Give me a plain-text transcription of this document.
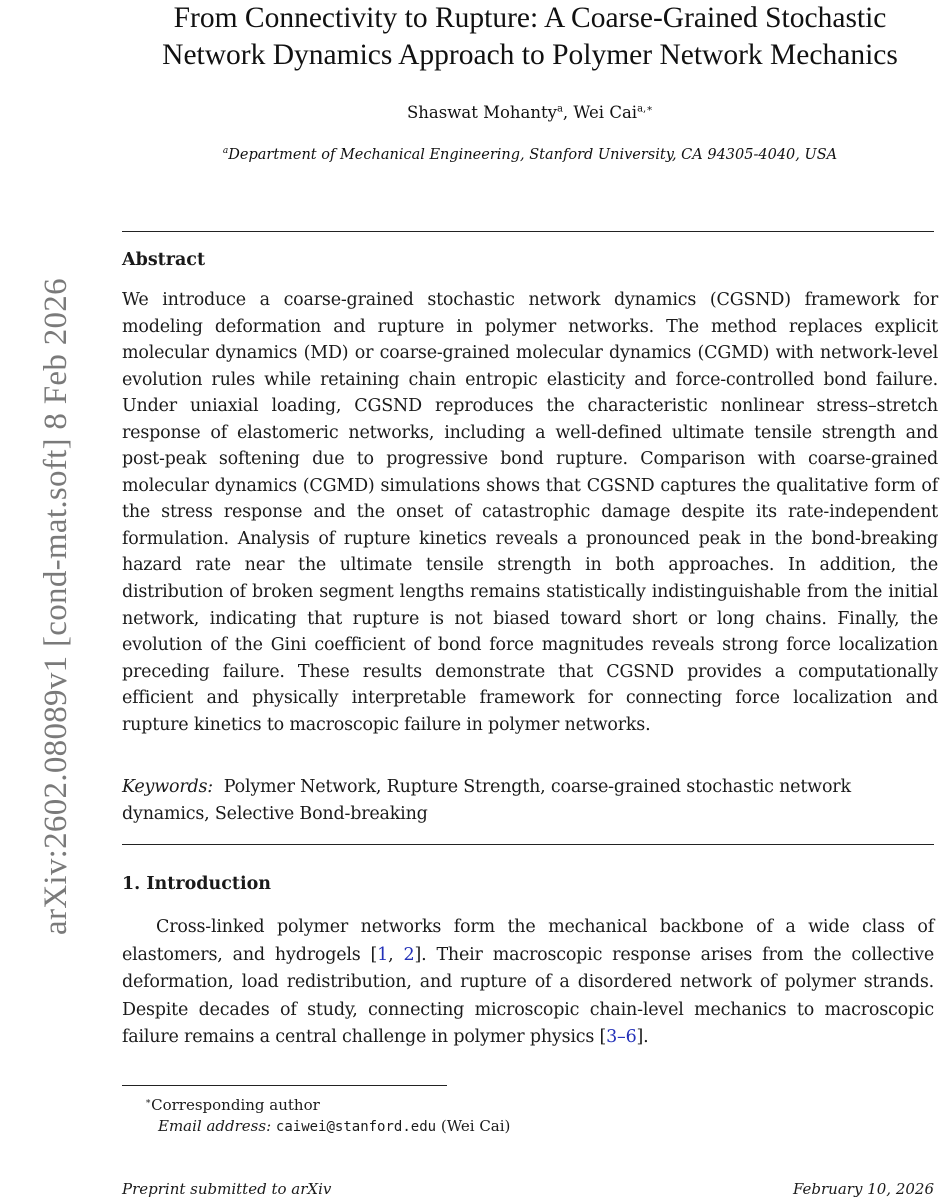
arXiv:2602.08089v1 [cond-mat.soft] 8 Feb 2026
From Connectivity to Rupture: A Coarse-Grained Stochastic
Network Dynamics Approach to Polymer Network Mechanics
Shaswat Mohanty$^a$, Wei Cai$^{a,∗}$
$^a$Department of Mechanical Engineering, Stanford University, CA 94305-4040, USA
Abstract

We introduce a coarse-grained stochastic network dynamics (CGSND) framework for modeling deformation and rupture in polymer networks. The method replaces explicit molecular dynamics (MD) or coarse-grained molecular dynamics (CGMD) with network-level evolution rules while retaining chain entropic elasticity and force-controlled bond failure. Under uniaxial loading, CGSND reproduces the characteristic nonlinear stress–stretch response of elastomeric networks, including a well-defined ultimate tensile strength and post-peak softening due to progressive bond rupture. Comparison with coarse-grained molecular dynamics (CGMD) simulations shows that CGSND captures the qualitative form of the stress response and the onset of catastrophic damage despite its rate-independent formulation. Analysis of rupture kinetics reveals a pronounced peak in the bond-breaking hazard rate near the ultimate tensile strength in both approaches. In addition, the distribution of broken segment lengths remains statistically indistinguishable from the initial network, indicating that rupture is not biased toward short or long chains. Finally, the evolution of the Gini coefficient of bond force magnitudes reveals strong force localization preceding failure. These results demonstrate that CGSND provides a computationally efficient and physically interpretable framework for connecting force localization and rupture kinetics to macroscopic failure in polymer networks.

Keywords: Polymer Network, Rupture Strength, coarse-grained stochastic network dynamics, Selective Bond-breaking

1. Introduction

Cross-linked polymer networks form the mechanical backbone of a wide class of elastomers, and hydrogels [1, 2]. Their macroscopic response arises from the collective deformation, load redistribution, and rupture of a disordered network of polymer strands. Despite decades of study, connecting microscopic chain-level mechanics to macroscopic failure remains a central challenge in polymer physics [3–6].

∗Corresponding author
Email address: caiwei@stanford.edu (Wei Cai)
Preprint submitted to arXiv	February 10, 2026
